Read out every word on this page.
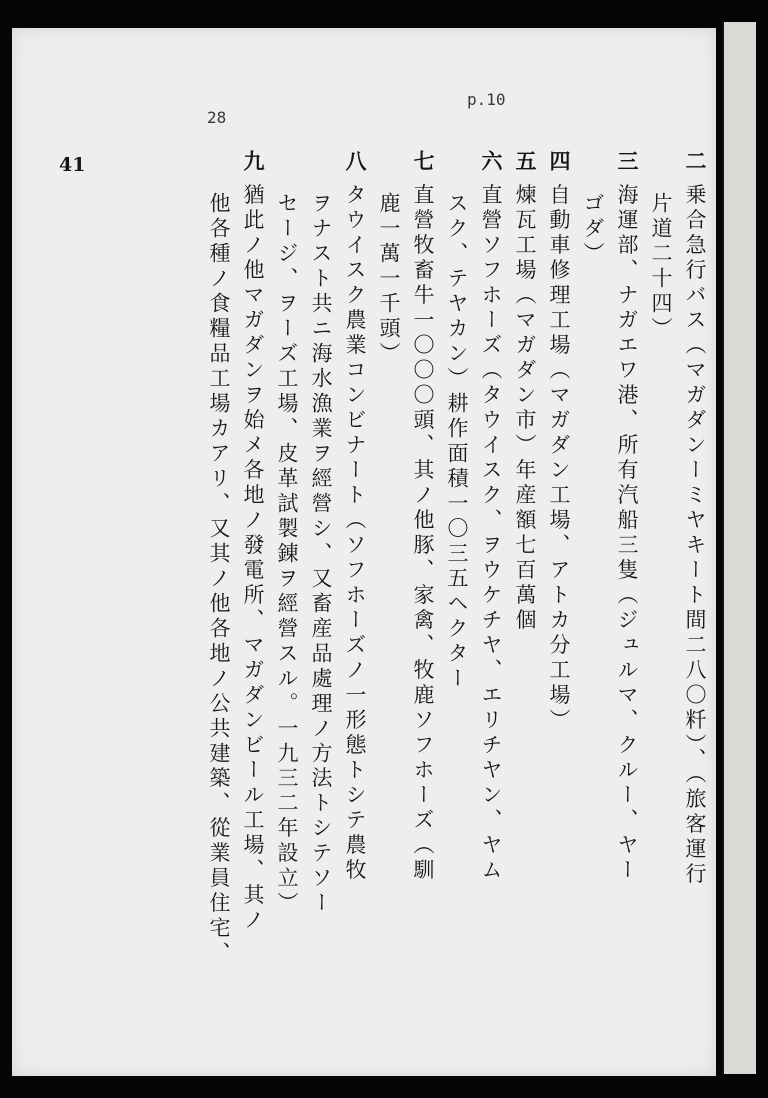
41
p.10
28
二乗合急行バス（マガダンーミヤキート間二八〇粁）、（旅客運行
片道二十四）
三海運部、ナガエワ港、所有汽船三隻（ジュルマ、クルー、ヤー
ゴダ）
四自動車修理工場（マガダン工場、アトカ分工場）
五煉瓦工場（マガダン市）年産額七百萬個
六直營ソフホーズ（タウイスク、ヲウケチヤ、エリチヤン、ヤム
スク、テヤカン）耕作面積一〇三五ヘクター
七直營牧畜牛一〇〇〇頭、其ノ他豚、家禽、牧鹿ソフホーズ（馴
鹿一萬一千頭）
八タウイスク農業コンビナート（ソフホーズノ一形態トシテ農牧
ヲナスト共ニ海水漁業ヲ經營シ、又畜産品處理ノ方法トシテソー
セージ、ヲーズ工場、皮革試製錬ヲ經營スル。一九三二年設立）
九猶此ノ他マガダンヲ始メ各地ノ發電所、マガダンビール工場、其ノ
他各種ノ食糧品工場カアリ、又其ノ他各地ノ公共建築、從業員住宅、
